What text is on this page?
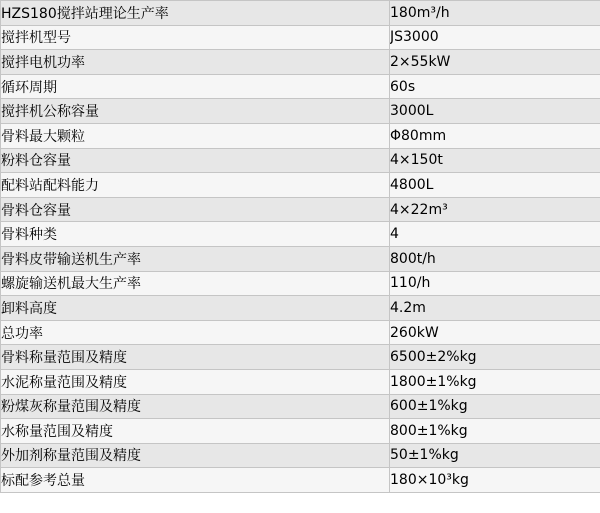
HZS180搅拌站理论生产率	180m³/h
搅拌机型号	JS3000
搅拌电机功率	2×55kW
循环周期	60s
搅拌机公称容量	3000L
骨料最大颗粒	Φ80mm
粉料仓容量	4×150t
配料站配料能力	4800L
骨料仓容量	4×22m³
骨料种类	4
骨料皮带输送机生产率	800t/h
螺旋输送机最大生产率	110/h
卸料高度	4.2m
总功率	260kW
骨料称量范围及精度	6500±2%kg
水泥称量范围及精度	1800±1%kg
粉煤灰称量范围及精度	600±1%kg
水称量范围及精度	800±1%kg
外加剂称量范围及精度	50±1%kg
标配参考总量	180×10³kg
